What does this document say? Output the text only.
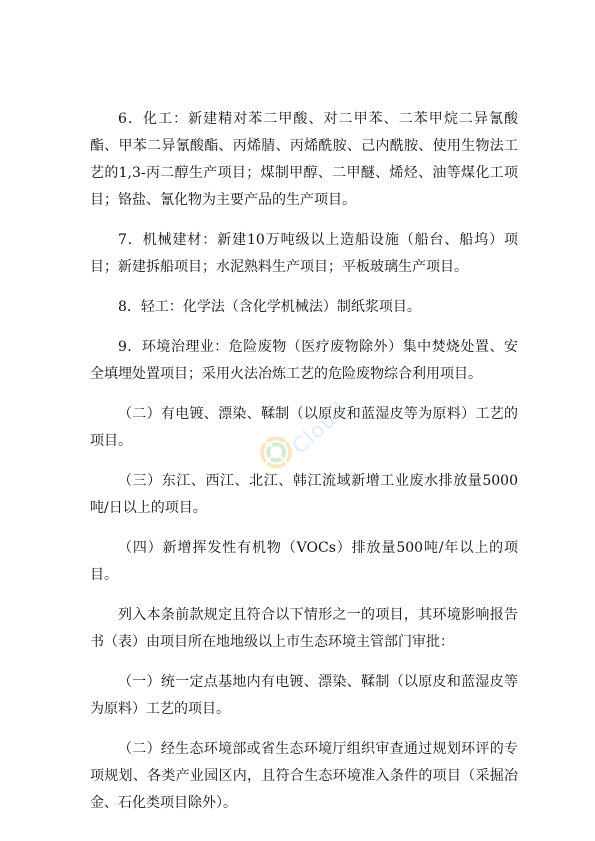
6．化工：新建精对苯二甲酸、对二甲苯、二苯甲烷二异氰酸酯、甲苯二异氰酸酯、丙烯腈、丙烯酰胺、己内酰胺、使用生物法工艺的1,3-丙二醇生产项目；煤制甲醇、二甲醚、烯烃、油等煤化工项目；铬盐、氰化物为主要产品的生产项目。

7．机械建材：新建10万吨级以上造船设施（船台、船坞）项目；新建拆船项目；水泥熟料生产项目；平板玻璃生产项目。

8．轻工：化学法（含化学机械法）制纸浆项目。

9．环境治理业：危险废物（医疗废物除外）集中焚烧处置、安全填埋处置项目；采用火法冶炼工艺的危险废物综合利用项目。

（二）有电镀、漂染、鞣制（以原皮和蓝湿皮等为原料）工艺的项目。

（三）东江、西江、北江、韩江流域新增工业废水排放量5000吨/日以上的项目。

（四）新增挥发性有机物（VOCs）排放量500吨/年以上的项目。

列入本条前款规定且符合以下情形之一的项目，其环境影响报告书（表）由项目所在地地级以上市生态环境主管部门审批：

（一）统一定点基地内有电镀、漂染、鞣制（以原皮和蓝湿皮等为原料）工艺的项目。

（二）经生态环境部或省生态环境厅组织审查通过规划环评的专项规划、各类产业园区内，且符合生态环境准入条件的项目（采掘冶金、石化类项目除外）。

Cloud
